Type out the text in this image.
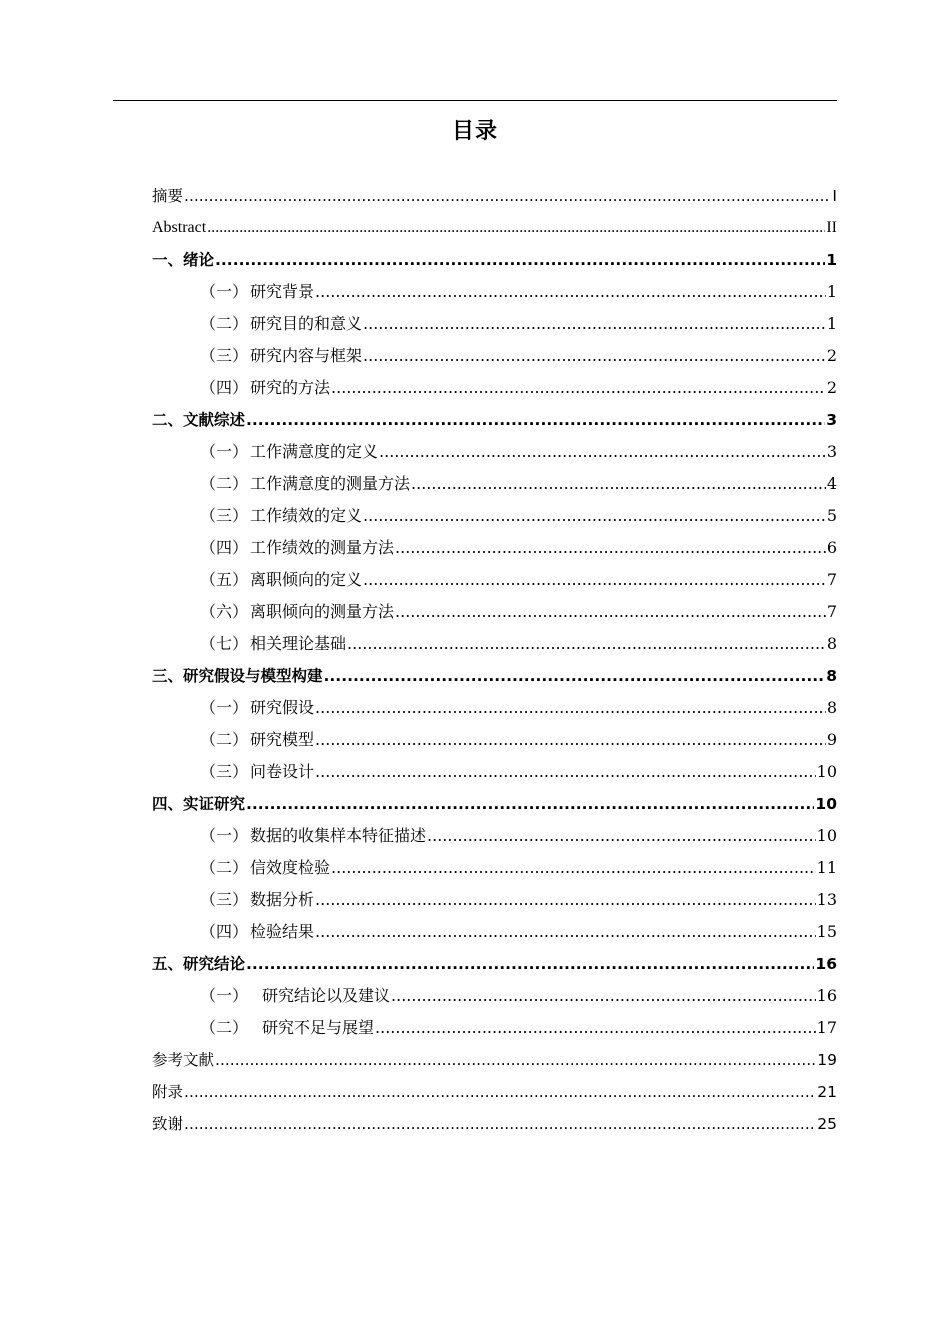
目录
摘要 .....	I
Abstract .....	II
一、 绪论 .....	1
（一） 研究背景 .....	1
（二） 研究目的和意义 .....	1
（三） 研究内容与框架 .....	2
（四） 研究的方法 .....	2
二、 文献综述 .....	3
（一） 工作满意度的定义 .....	3
（二） 工作满意度的测量方法 .....	4
（三） 工作绩效的定义 .....	5
（四） 工作绩效的测量方法 .....	6
（五） 离职倾向的定义 .....	7
（六） 离职倾向的测量方法 .....	7
（七） 相关理论基础 .....	8
三、 研究假设与模型构建 .....	8
（一） 研究假设 .....	8
（二） 研究模型 .....	9
（三） 问卷设计 .....	10
四、 实证研究 .....	10
（一） 数据的收集样本特征描述 .....	10
（二） 信效度检验 .....	11
（三） 数据分析 .....	13
（四） 检验结果 .....	15
五、 研究结论 .....	16
（一） 研究结论以及建议 .....	16
（二） 研究不足与展望 .....	17
参考文献 .....	19
附录 .....	21
致谢 .....	25
